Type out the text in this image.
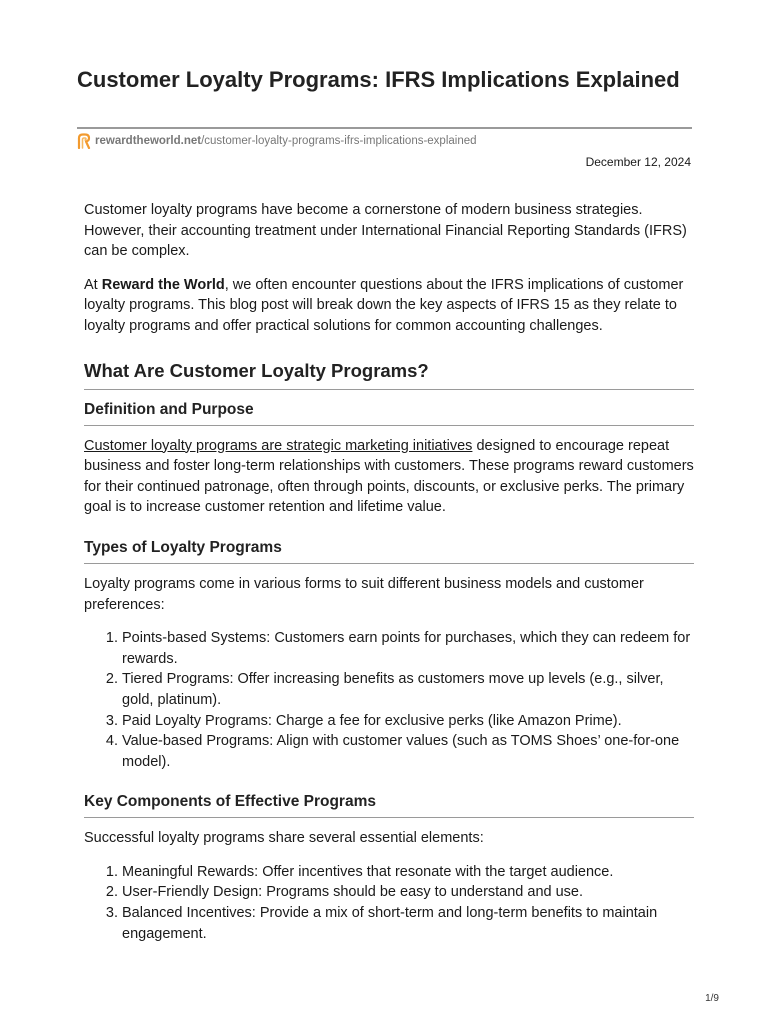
Customer Loyalty Programs: IFRS Implications Explained
rewardtheworld.net /customer-loyalty-programs-ifrs-implications-explained
December 12, 2024

Customer loyalty programs have become a cornerstone of modern business strategies. However, their accounting treatment under International Financial Reporting Standards (IFRS) can be complex.

At Reward the World, we often encounter questions about the IFRS implications of customer loyalty programs. This blog post will break down the key aspects of IFRS 15 as they relate to loyalty programs and offer practical solutions for common accounting challenges.

What Are Customer Loyalty Programs?
Definition and Purpose

Customer loyalty programs are strategic marketing initiatives designed to encourage repeat business and foster long-term relationships with customers. These programs reward customers for their continued patronage, often through points, discounts, or exclusive perks. The primary goal is to increase customer retention and lifetime value.

Types of Loyalty Programs

Loyalty programs come in various forms to suit different business models and customer preferences:

1. Points-based Systems: Customers earn points for purchases, which they can redeem for rewards.
2. Tiered Programs: Offer increasing benefits as customers move up levels (e.g., silver, gold, platinum).
3. Paid Loyalty Programs: Charge a fee for exclusive perks (like Amazon Prime).
4. Value-based Programs: Align with customer values (such as TOMS Shoes’ one-for-one model).
Key Components of Effective Programs

Successful loyalty programs share several essential elements:

1. Meaningful Rewards: Offer incentives that resonate with the target audience.
2. User-Friendly Design: Programs should be easy to understand and use.
3. Balanced Incentives: Provide a mix of short-term and long-term benefits to maintain engagement.
1/9
